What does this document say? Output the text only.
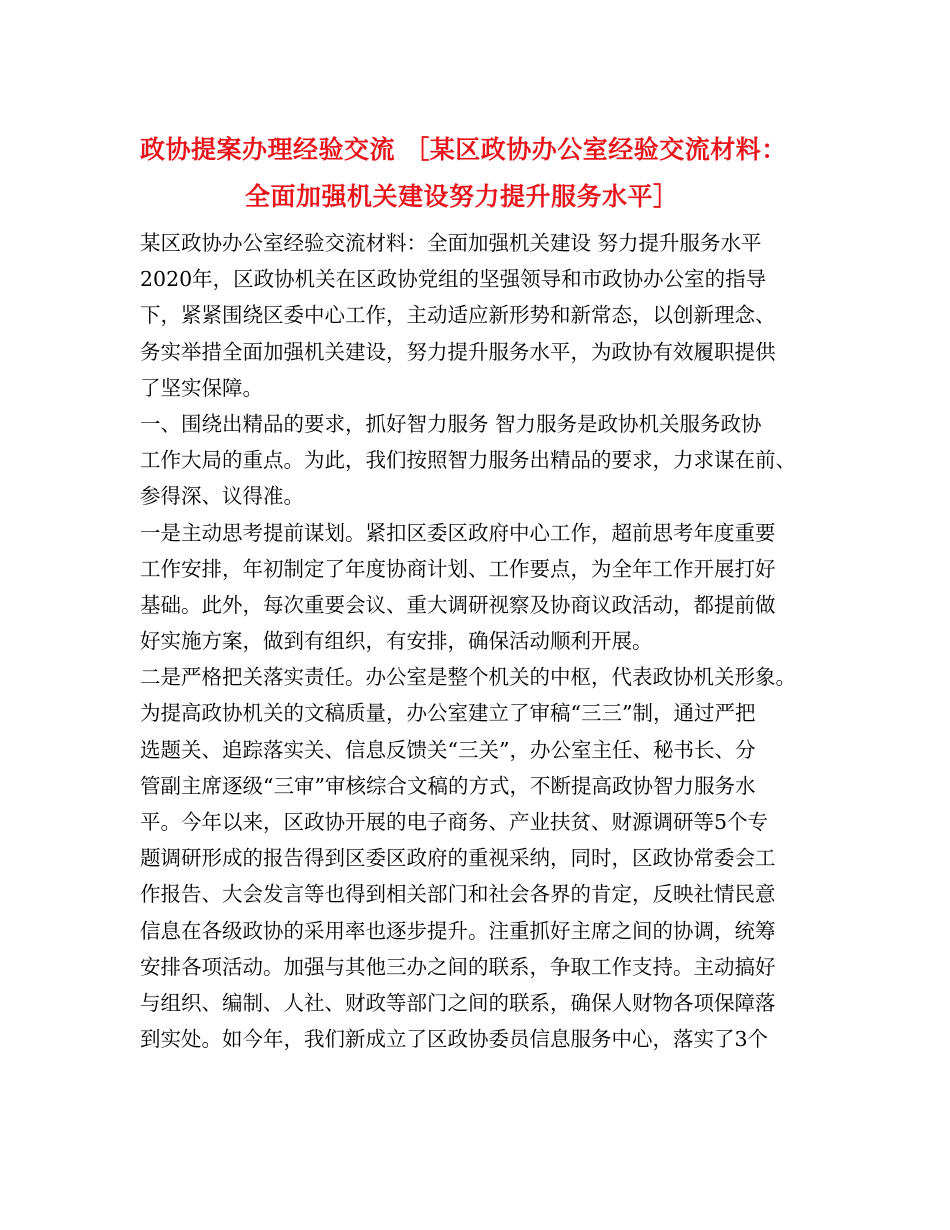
政协提案办理经验交流 ［某区政协办公室经验交流材料：
全面加强机关建设努力提升服务水平］
某区政协办公室经验交流材料：全面加强机关建设 努力提升服务水平
2020年，区政协机关在区政协党组的坚强领导和市政协办公室的指导
下，紧紧围绕区委中心工作，主动适应新形势和新常态，以创新理念、
务实举措全面加强机关建设，努力提升服务水平，为政协有效履职提供
了坚实保障。
一、围绕出精品的要求，抓好智力服务 智力服务是政协机关服务政协
工作大局的重点。为此，我们按照智力服务出精品的要求，力求谋在前、
参得深、议得准。
一是主动思考提前谋划。紧扣区委区政府中心工作，超前思考年度重要
工作安排，年初制定了年度协商计划、工作要点，为全年工作开展打好
基础。此外，每次重要会议、重大调研视察及协商议政活动，都提前做
好实施方案，做到有组织，有安排，确保活动顺利开展。
二是严格把关落实责任。办公室是整个机关的中枢，代表政协机关形象。
为提高政协机关的文稿质量，办公室建立了审稿“三三”制，通过严把
选题关、追踪落实关、信息反馈关“三关”，办公室主任、秘书长、分
管副主席逐级“三审”审核综合文稿的方式，不断提高政协智力服务水
平。今年以来，区政协开展的电子商务、产业扶贫、财源调研等5个专
题调研形成的报告得到区委区政府的重视采纳，同时，区政协常委会工
作报告、大会发言等也得到相关部门和社会各界的肯定，反映社情民意
信息在各级政协的采用率也逐步提升。注重抓好主席之间的协调，统筹
安排各项活动。加强与其他三办之间的联系，争取工作支持。主动搞好
与组织、编制、人社、财政等部门之间的联系，确保人财物各项保障落
到实处。如今年，我们新成立了区政协委员信息服务中心，落实了3个
